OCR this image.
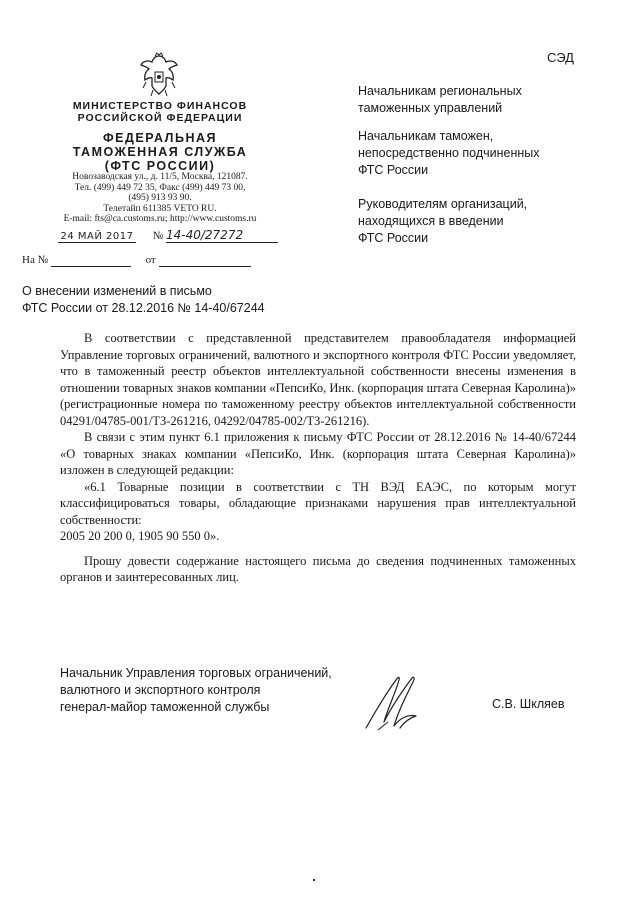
СЭД
МИНИСТЕРСТВО ФИНАНСОВ
РОССИЙСКОЙ ФЕДЕРАЦИИ
ФЕДЕРАЛЬНАЯ
ТАМОЖЕННАЯ СЛУЖБА
(ФТС РОССИИ)
Новозаводская ул., д. 11/5, Москва, 121087.
Тел. (499) 449 72 35, Факс (499) 449 73 00,
(495) 913 93 90.
Телетайп 611385 VETO RU.
E-mail: fts@ca.customs.ru; http://www.customs.ru
24 МАЙ 2017 № 14-40/27272
На №	от
Начальникам региональных
таможенных управлений
Начальникам таможен,
непосредственно подчиненных
ФТС России
Руководителям организаций,
находящихся в введении
ФТС России
О внесении изменений в письмо
ФТС России от 28.12.2016 № 14-40/67244

В соответствии с представленной представителем правообладателя информацией Управление торговых ограничений, валютного и экспортного контроля ФТС России уведомляет, что в таможенный реестр объектов интеллектуальной собственности внесены изменения в отношении товарных знаков компании «ПепсиКо, Инк. (корпорация штата Северная Каролина)» (регистрационные номера по таможенному реестру объектов интеллектуальной собственности 04291/04785-001/ТЗ-261216, 04292/04785-002/ТЗ-261216).

В связи с этим пункт 6.1 приложения к письму ФТС России от 28.12.2016 № 14-40/67244 «О товарных знаках компании «ПепсиКо, Инк. (корпорация штата Северная Каролина)» изложен в следующей редакции:

«6.1 Товарные позиции в соответствии с ТН ВЭД ЕАЭС, по которым могут классифицироваться товары, обладающие признаками нарушения прав интеллектуальной собственности:

2005 20 200 0, 1905 90 550 0».

Прошу довести содержание настоящего письма до сведения подчиненных таможенных органов и заинтересованных лиц.

Начальник Управления торговых ограничений,
валютного и экспортного контроля
генерал-майор таможенной службы	С.В. Шкляев
